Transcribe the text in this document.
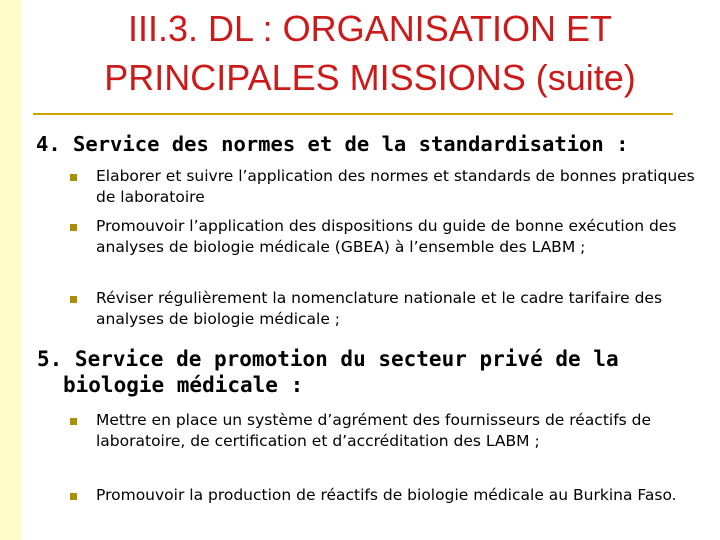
III.3. DL : ORGANISATION ET
PRINCIPALES MISSIONS (suite)
4. Service des normes et de la standardisation :
Elaborer et suivre l’application des normes et standards de bonnes pratiques de laboratoire
Promouvoir l’application des dispositions du guide de bonne exécution des analyses de biologie médicale (GBEA) à l’ensemble des LABM ;
Réviser régulièrement la nomenclature nationale et le cadre tarifaire des analyses de biologie médicale ;
5. Service de promotion du secteur privé de la
biologie médicale :
Mettre en place un système d’agrément des fournisseurs de réactifs de laboratoire, de certification et d’accréditation des LABM ;
Promouvoir la production de réactifs de biologie médicale au Burkina Faso.
